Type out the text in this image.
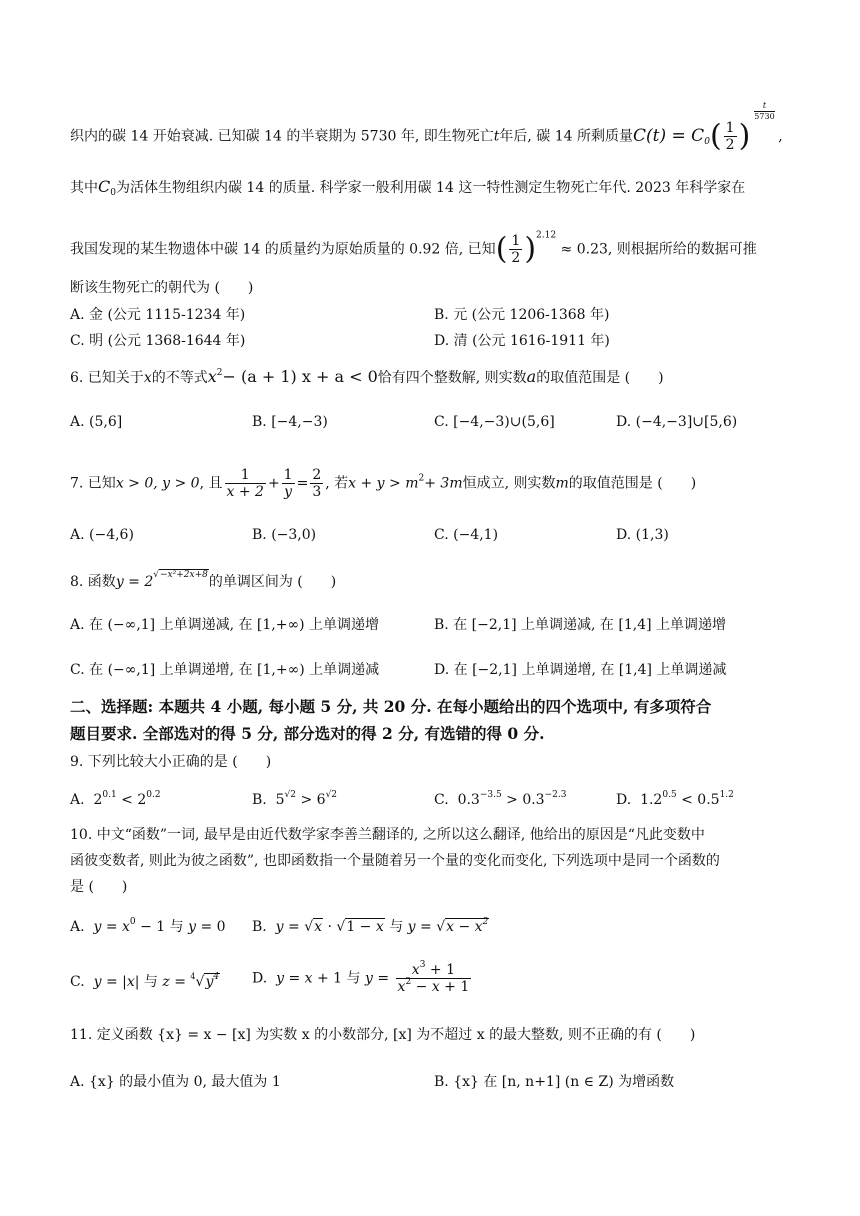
织内的碳 14 开始衰减. 已知碳 14 的半衰期为 5730 年, 即生物死亡t年后, 碳 14 所剩质量$C(t) = C_0( \frac{1}{2}$ )
t
5730
,
其中$C_0$为活体生物组织内碳 14 的质量. 科学家一般利用碳 14 这一特性测定生物死亡年代. 2023 年科学家在
我国发现的某生物遗体中碳 14 的质量约为原始质量的 0.92 倍, 已知( $\frac{1}{2} )^{2.12} \approx 0.23$, 则根据所给的数据可推
断该生物死亡的朝代为 (　　)
A. 金 (公元 1115-1234 年)	B. 元 (公元 1206-1368 年)
C. 明 (公元 1368-1644 年)	D. 清 (公元 1616-1911 年)
6. 已知关于x的不等式$x^2- (a + 1) x + a < 0$恰有四个整数解, 则实数a的取值范围是 (　　)
A. (5,6]	B. [−4,−3)	C. [−4,−3)∪(5,6]	D. (−4,−3]∪[5,6)
7. 已知x > 0, y > 0, 且 $\frac{1}{x + 2} + \frac{1}{y} = \frac{2}{3}$ , 若$x + y > m^2+ 3m$恒成立, 则实数m的取值范围是 (　　)
A. (−4,6)	B. (−3,0)	C. (−4,1)	D. (1,3)
8. 函数$y = 2^{√-x^2+2x+8}$的单调区间为 (　　)
A. 在 (−∞,1] 上单调递减, 在 [1,+∞) 上单调递增	B. 在 [−2,1] 上单调递减, 在 [1,4] 上单调递增
C. 在 (−∞,1] 上单调递增, 在 [1,+∞) 上单调递减	D. 在 [−2,1] 上单调递增, 在 [1,4] 上单调递减
二、选择题: 本题共 4 小题, 每小题 5 分, 共 20 分. 在每小题给出的四个选项中, 有多项符合
题目要求. 全部选对的得 5 分, 部分选对的得 2 分, 有选错的得 0 分.
9. 下列比较大小正确的是 (　　)
A.  $2^{0.1} < 2^{0.2}$	B.  $5^{√2} > 6^{√2}$	C.  $0.3^{-3.5} > 0.3^{-2.3}$	D.  $1.2^{0.5} < 0.5^{1.2}$
10. 中文“函数”一词, 最早是由近代数学家李善兰翻译的, 之所以这么翻译, 他给出的原因是“凡此变数中
函彼变数者, 则此为彼之函数”, 也即函数指一个量随着另一个量的变化而变化, 下列选项中是同一个函数的
是 (　　)
A.  $y = x^0 - 1$ 与 y = 0 B.  y = √x · √1 − x 与 $y = √x - x^2$
C.  y = |x| 与 $z = ^4√y^4$ D.  y = x + 1 与 $y = \frac{x^3 + 1}{x^2 - x + 1}$
11. 定义函数 {x} = x − [x] 为实数 x 的小数部分, [x] 为不超过 x 的最大整数, 则不正确的有 (　　)
A. {x} 的最小值为 0, 最大值为 1	B. {x} 在 [n, n+1] (n ∈ Z) 为增函数
